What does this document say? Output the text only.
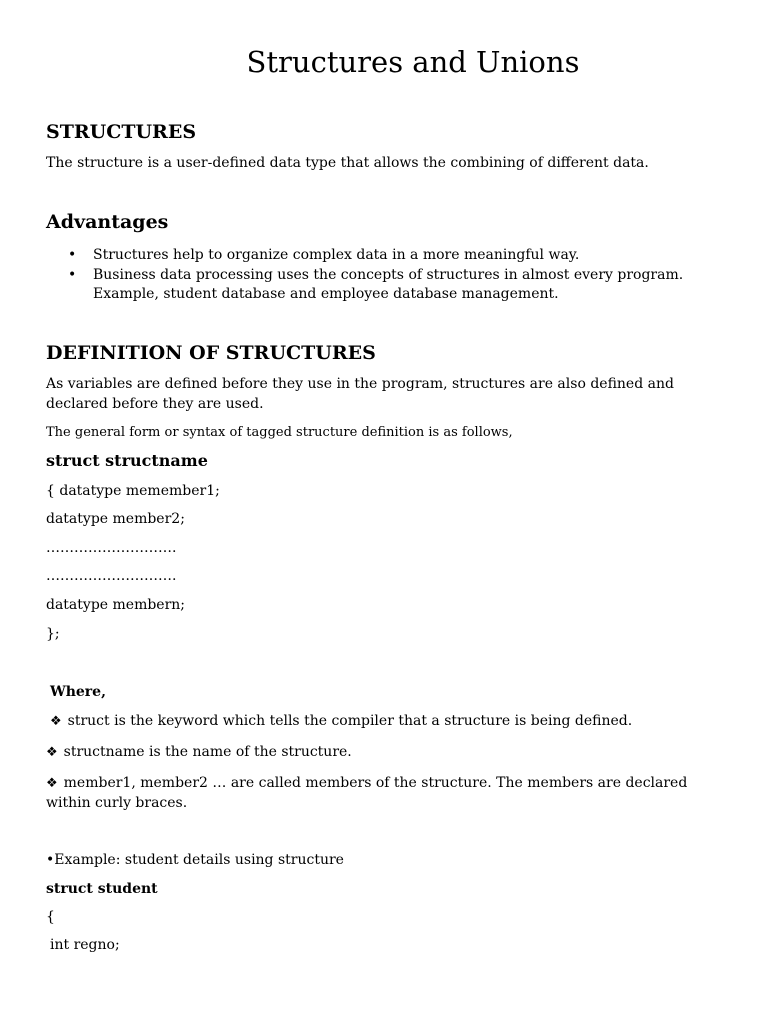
Structures and Unions
STRUCTURES

The structure is a user-defined data type that allows the combining of different data.

Advantages
• Structures help to organize complex data in a more meaningful way.
• Business data processing uses the concepts of structures in almost every program. Example, student database and employee database management.
DEFINITION OF STRUCTURES

As variables are defined before they use in the program, structures are also defined and declared before they are used.

The general form or syntax of tagged structure definition is as follows,

struct structname

{ datatype memember1;

datatype member2;

……………………….

……………………….

datatype membern;

};

Where,

❖ struct is the keyword which tells the compiler that a structure is being defined.

❖ structname is the name of the structure.

❖ member1, member2 … are called members of the structure. The members are declared within curly braces.

•Example: student details using structure

struct student

{

int regno;
